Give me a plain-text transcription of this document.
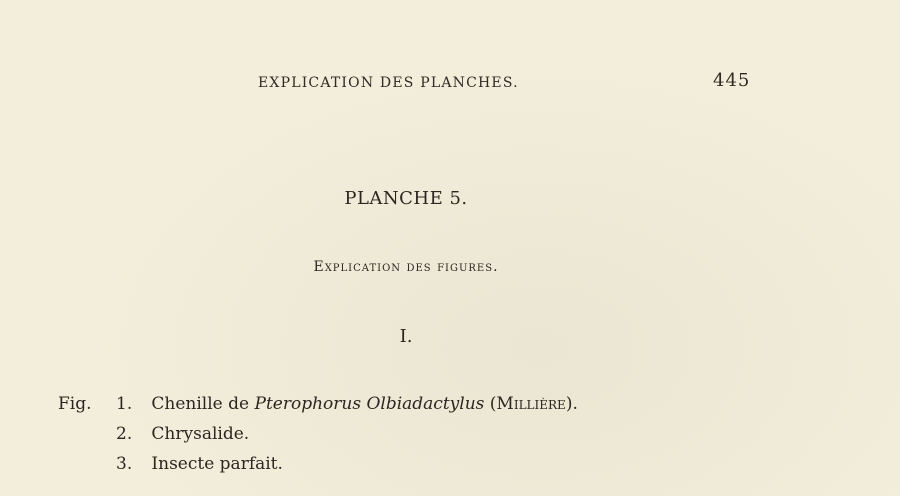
EXPLICATION DES PLANCHES.	445
PLANCHE 5.
Explication des figures.
I.
Fig. 1. Chenille de Pterophorus Olbiadactylus (Millière).
2. Chrysalide.
3. Insecte parfait.
